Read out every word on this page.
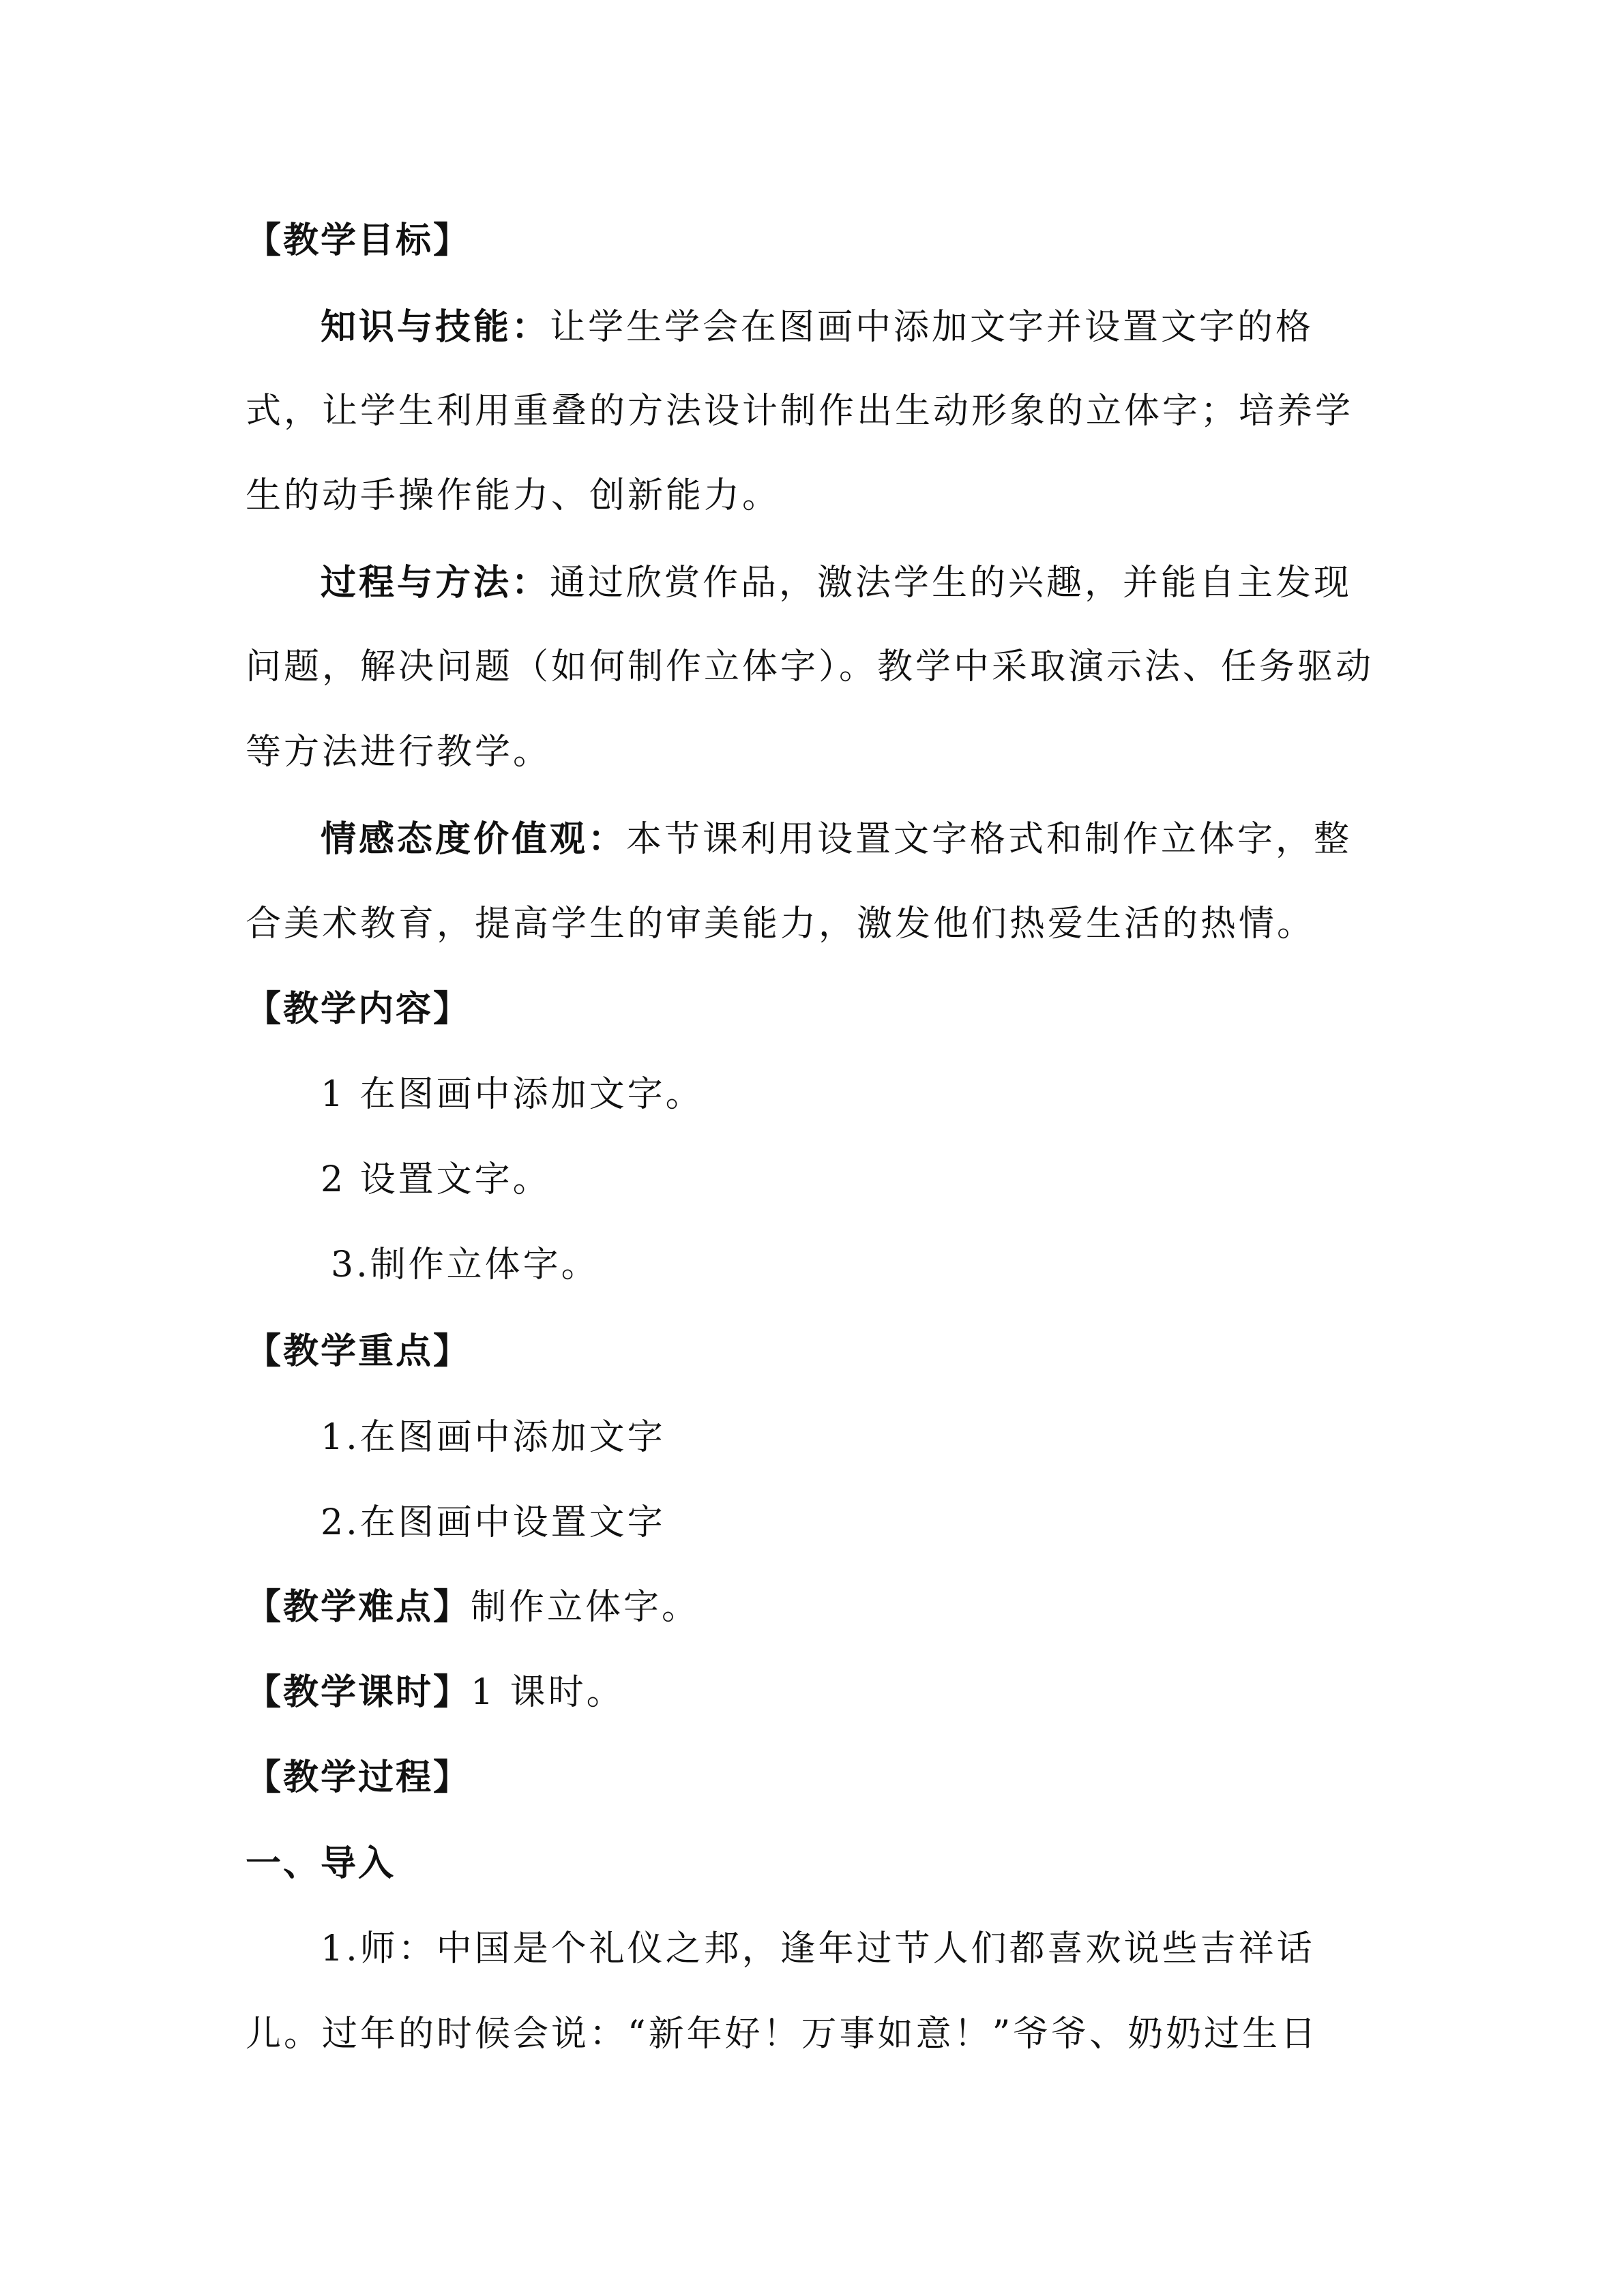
【教学目标】
知识与技能：让学生学会在图画中添加文字并设置文字的格
式，让学生利用重叠的方法设计制作出生动形象的立体字；培养学
生的动手操作能力、创新能力。
过程与方法：通过欣赏作品，激法学生的兴趣，并能自主发现
问题，解决问题（如何制作立体字）。教学中采取演示法、任务驱动
等方法进行教学。
情感态度价值观：本节课利用设置文字格式和制作立体字，整
合美术教育，提高学生的审美能力，激发他们热爱生活的热情。
【教学内容】
1 在图画中添加文字。
2 设置文字。
3.制作立体字。
【教学重点】
1.在图画中添加文字
2.在图画中设置文字
【教学难点】制作立体字。
【教学课时】1 课时。
【教学过程】
一、导入
1.师：中国是个礼仪之邦，逢年过节人们都喜欢说些吉祥话
儿。过年的时候会说：“新年好！万事如意！”爷爷、奶奶过生日
